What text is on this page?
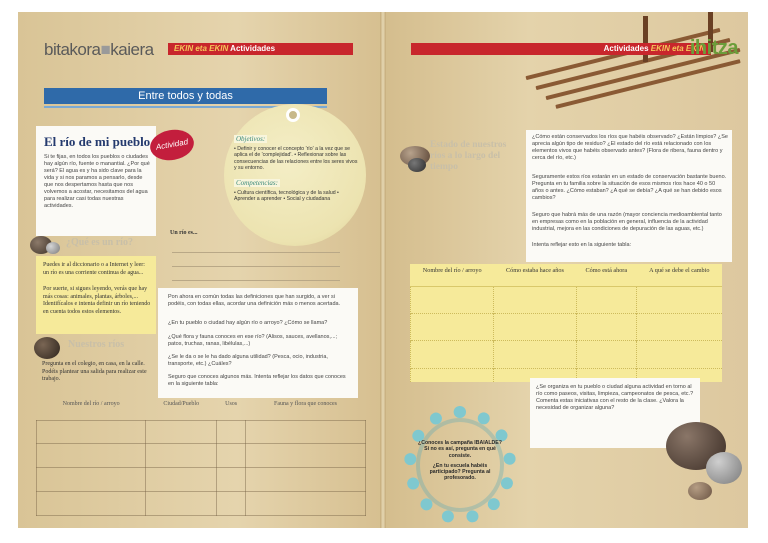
bitakora■kaiera	EKIN eta EKIN Actividades
Entre todos y todas
El río de mi pueblo
Si te fijas, en todos los pueblos o ciudades hay algún río, fuente o manantial. ¿Por qué será? El agua es y ha sido clave para la vida y si nos paramos a pensarlo, desde que nos despertamos hasta que nos volvemos a acostar, necesitamos del agua para realizar casi todas nuestras actividades.
Actividad	Objetivos:
• Definir y conocer el concepto 'río' a la vez que se aplica el de 'complejidad'. • Reflexionar sobre las consecuencias de las relaciones entre los seres vivos y su entorno.
Competencias:
• Cultura científica, tecnológica y de la salud • Aprender a aprender • Social y ciudadana
¿Qué es un río?
Puedes ir al diccionario o a Internet y leer: un río es una corriente continua de agua...
Por suerte, si sigues leyendo, verás que hay más cosas: animales, plantas, árboles,... Identifícalos e intenta definir un río teniendo en cuenta todos estos elementos.
Nuestros ríos
Pregunta en el colegio, en casa, en la calle. Podéis plantear una salida para realizar este trabajo.
Un río es...
Pon ahora en común todas las definiciones que han surgido, a ver si podéis, con todas ellas, acordar una definición más o menos acertada.
¿En tu pueblo o ciudad hay algún río o arroyo? ¿Cómo se llama?
¿Qué flora y fauna conoces en ese río? (Alisos, sauces, avellanos,...; patos, truchas, ranas, libélulas,...)
¿Se le da o se le ha dado alguna utilidad? (Pesca, ocio, industria, transporte, etc.) ¿Cuáles?
Seguro que conoces algunos más. Intenta reflejar los datos que conoces en la siguiente tabla:
Nombre del río / arroyo	Ciudad/Pueblo	Usos	Fauna y flora que conoces

Actividades EKIN eta EKIN
ihitza
Estado de nuestros ríos a lo largo del tiempo
¿Cómo están conservados los ríos que habéis observado? ¿Están limpios? ¿Se aprecia algún tipo de residuo? ¿El estado del río está relacionado con los elementos vivos que habéis observado antes? (Flora de ribera, fauna dentro y cerca del río, etc.)
Seguramente estos ríos estarán en un estado de conservación bastante bueno. Pregunta en tu familia sobre la situación de esos mismos ríos hace 40 o 50 años o antes. ¿Cómo estaban? ¿A qué se debía? ¿A qué se han debido esos cambios?
Seguro que habrá más de una razón (mayor conciencia medioambiental tanto en empresas como en la población en general, influencia de la actividad industrial, mejora en las condiciones de depuración de las aguas, etc.)
Intenta reflejar esto en la siguiente tabla:
Nombre del río / arroyo	Cómo estaba hace años	Cómo está ahora	A qué se debe el cambio

¿Se organiza en tu pueblo o ciudad alguna actividad en torno al río como paseos, visitas, limpieza, campeonatos de pesca, etc.? Comenta estas iniciativas con el resto de la clase. ¿Valora la necesidad de organizar alguna?
¿Conoces la campaña IBAIALDE? Si no es así, pregunta en qué consiste.
¿En tu escuela habéis participado? Pregunta al profesorado.
